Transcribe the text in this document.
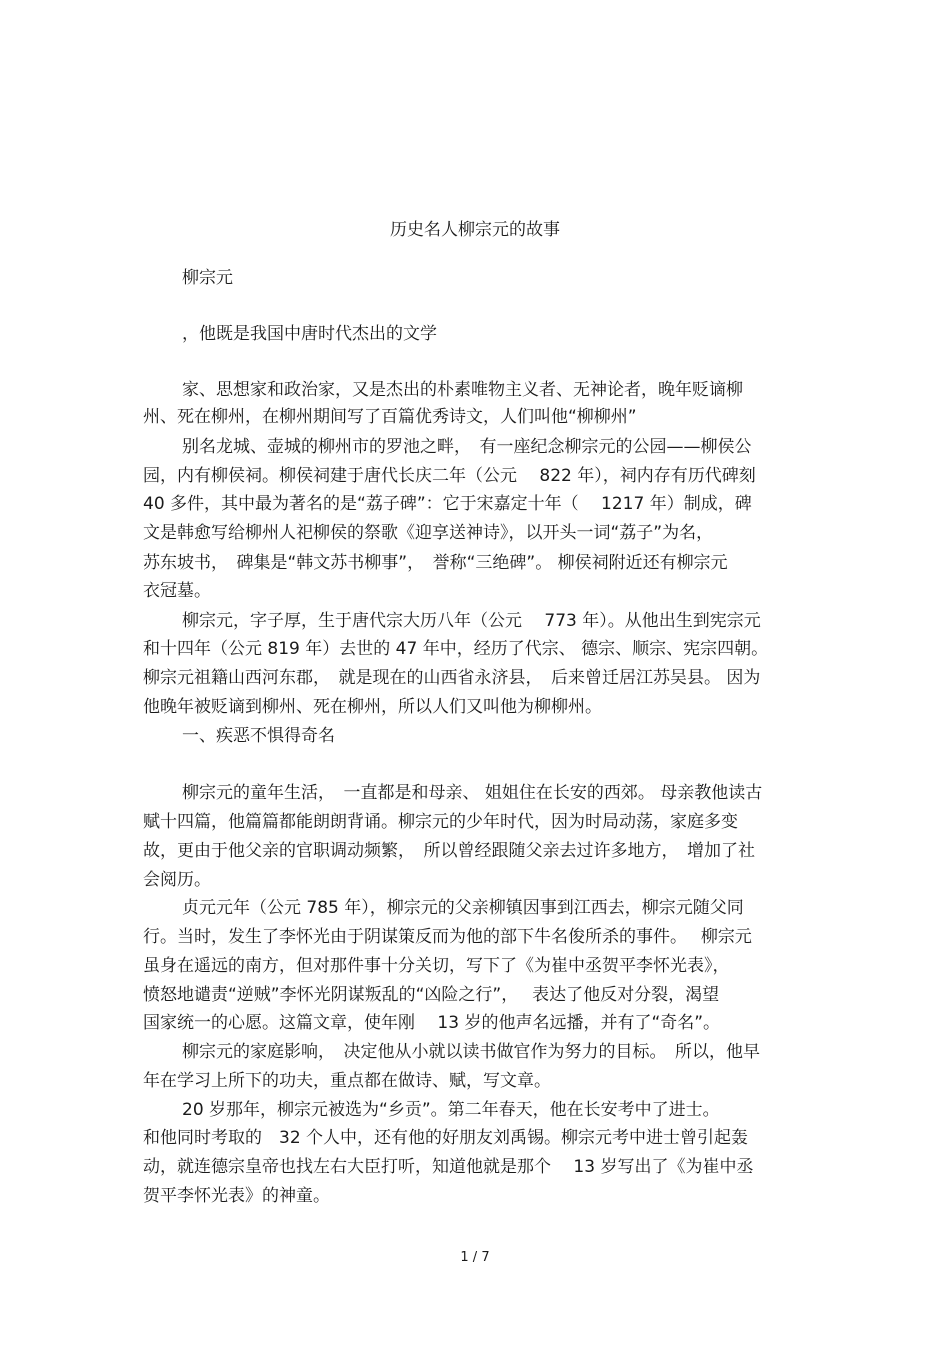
历史名人柳宗元的故事
柳宗元
，他既是我国中唐时代杰出的文学
家、思想家和政治家，又是杰出的朴素唯物主义者、无神论者，晚年贬谪柳
州、死在柳州，在柳州期间写了百篇优秀诗文，人们叫他“柳柳州”
别名龙城、壶城的柳州市的罗池之畔，　有一座纪念柳宗元的公园——柳侯公
园，内有柳侯祠。柳侯祠建于唐代长庆二年（公元　 822 年），祠内存有历代碑刻
40 多件，其中最为著名的是“荔子碑”：它于宋嘉定十年（　 1217 年）制成，碑
文是韩愈写给柳州人祀柳侯的祭歌《迎享送神诗》，以开头一词“荔子”为名，
苏东坡书，　碑集是“韩文苏书柳事”，　誉称“三绝碑”。 柳侯祠附近还有柳宗元
衣冠墓。
柳宗元，字子厚，生于唐代宗大历八年（公元　 773 年）。从他出生到宪宗元
和十四年（公元 819 年）去世的 47 年中，经历了代宗、 德宗、顺宗、宪宗四朝。
柳宗元祖籍山西河东郡，　就是现在的山西省永济县，　后来曾迁居江苏吴县。 因为
他晚年被贬谪到柳州、死在柳州，所以人们又叫他为柳柳州。
一、疾恶不惧得奇名
柳宗元的童年生活，　一直都是和母亲、 姐姐住在长安的西郊。 母亲教他读古
赋十四篇，他篇篇都能朗朗背诵。柳宗元的少年时代，因为时局动荡，家庭多变
故，更由于他父亲的官职调动频繁，　所以曾经跟随父亲去过许多地方，　增加了社
会阅历。
贞元元年（公元 785 年），柳宗元的父亲柳镇因事到江西去，柳宗元随父同
行。当时，发生了李怀光由于阴谋策反而为他的部下牛名俊所杀的事件。　 柳宗元
虽身在遥远的南方，但对那件事十分关切，写下了《为崔中丞贺平李怀光表》，
愤怒地谴责“逆贼”李怀光阴谋叛乱的“凶险之行”，　 表达了他反对分裂，渴望
国家统一的心愿。这篇文章，使年刚　 13 岁的他声名远播，并有了“奇名”。
柳宗元的家庭影响，　决定他从小就以读书做官作为努力的目标。　所以，他早
年在学习上所下的功夫，重点都在做诗、赋，写文章。
20 岁那年，柳宗元被选为“乡贡”。第二年春天，他在长安考中了进士。
和他同时考取的　32 个人中，还有他的好朋友刘禹锡。柳宗元考中进士曾引起轰
动，就连德宗皇帝也找左右大臣打听，知道他就是那个　 13 岁写出了《为崔中丞
贺平李怀光表》的神童。
1 / 7
